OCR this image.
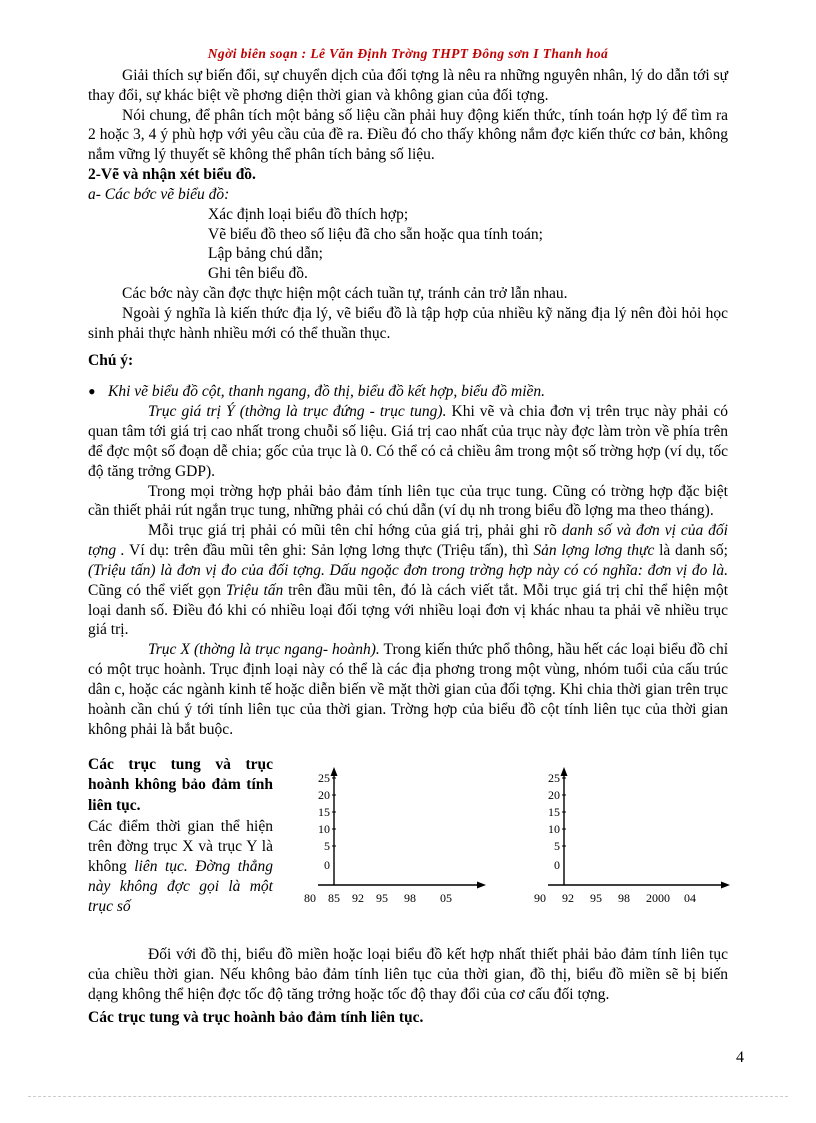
Ngời biên soạn : Lê Văn Định Trờng THPT Đông sơn I Thanh hoá

Giải thích sự biến đổi, sự chuyển dịch của đối tợng là nêu ra những nguyên nhân, lý do dẫn tới sự thay đổi, sự khác biệt về phơng diện thời gian và không gian của đối tợng.

Nói chung, để phân tích một bảng số liệu cần phải huy động kiến thức, tính toán hợp lý để tìm ra 2 hoặc 3, 4 ý phù hợp với yêu cầu của đề ra. Điều đó cho thấy không nắm đợc kiến thức cơ bản, không nắm vững lý thuyết sẽ không thể phân tích bảng số liệu.

2-Vẽ và nhận xét biểu đồ.

a- Các bớc vẽ biểu đồ:

Xác định loại biểu đồ thích hợp;

Vẽ biểu đồ theo số liệu đã cho sẵn hoặc qua tính toán;

Lập bảng chú dẫn;

Ghi tên biểu đồ.

Các bớc này cần đợc thực hiện một cách tuần tự, tránh cản trở lẫn nhau.

Ngoài ý nghĩa là kiến thức địa lý, vẽ biểu đồ là tập hợp của nhiều kỹ năng địa lý nên đòi hỏi học sinh phải thực hành nhiều mới có thể thuần thục.

Chú ý:

• Khi vẽ biểu đồ cột, thanh ngang, đồ thị, biểu đồ kết hợp, biểu đồ miền.

Trục giá trị Ý (thờng là trục đứng - trục tung). Khi vẽ và chia đơn vị trên trục này phải có quan tâm tới giá trị cao nhất trong chuỗi số liệu. Giá trị cao nhất của trục này đợc làm tròn về phía trên để đợc một số đoạn dễ chia; gốc của trục là 0. Có thể có cả chiều âm trong một số trờng hợp (ví dụ, tốc độ tăng trởng GDP).

Trong mọi trờng hợp phải bảo đảm tính liên tục của trục tung. Cũng có trờng hợp đặc biệt cần thiết phải rút ngắn trục tung, những phải có chú dẫn (ví dụ nh trong biểu đồ lợng ma theo tháng).

Mỗi trục giá trị phải có mũi tên chỉ hớng của giá trị, phải ghi rõ danh số và đơn vị của đối tợng . Ví dụ: trên đầu mũi tên ghi: Sản lợng lơng thực (Triệu tấn), thì Sản lợng lơng thực là danh số; (Triệu tấn) là đơn vị đo của đối tợng. Dấu ngoặc đơn trong trờng hợp này có có nghĩa: đơn vị đo là. Cũng có thể viết gọn Triệu tấn trên đầu mũi tên, đó là cách viết tắt. Mỗi trục giá trị chỉ thể hiện một loại danh số. Điều đó khi có nhiều loại đối tợng với nhiều loại đơn vị khác nhau ta phải vẽ nhiều trục giá trị.

Trục X (thờng là trục ngang- hoành). Trong kiến thức phổ thông, hầu hết các loại biểu đồ chỉ có một trục hoành. Trục định loại này có thể là các địa phơng trong một vùng, nhóm tuổi của cấu trúc dân c, hoặc các ngành kinh tế hoặc diễn biến về mặt thời gian của đối tợng. Khi chia thời gian trên trục hoành cần chú ý tới tính liên tục của thời gian. Trờng hợp của biểu đồ cột tính liên tục của thời gian không phải là bắt buộc.

Các trục tung và trục hoành không bảo đảm tính liên tục.
Các điểm thời gian thể hiện trên đờng trục X và trục Y là không liên tục. Đờng thẳng này không đợc gọi là một trục số
25
20
15
10
5
0
80 85 92 95 98 05
25
20
15
10
5
0
90 92 95 98 2000 04

Đối với đồ thị, biểu đồ miền hoặc loại biểu đồ kết hợp nhất thiết phải bảo đảm tính liên tục của chiều thời gian. Nếu không bảo đảm tính liên tục của thời gian, đồ thị, biểu đồ miền sẽ bị biến dạng không thể hiện đợc tốc độ tăng trởng hoặc tốc độ thay đổi của cơ cấu đối tợng.

Các trục tung và trục hoành bảo đảm tính liên tục.

4
